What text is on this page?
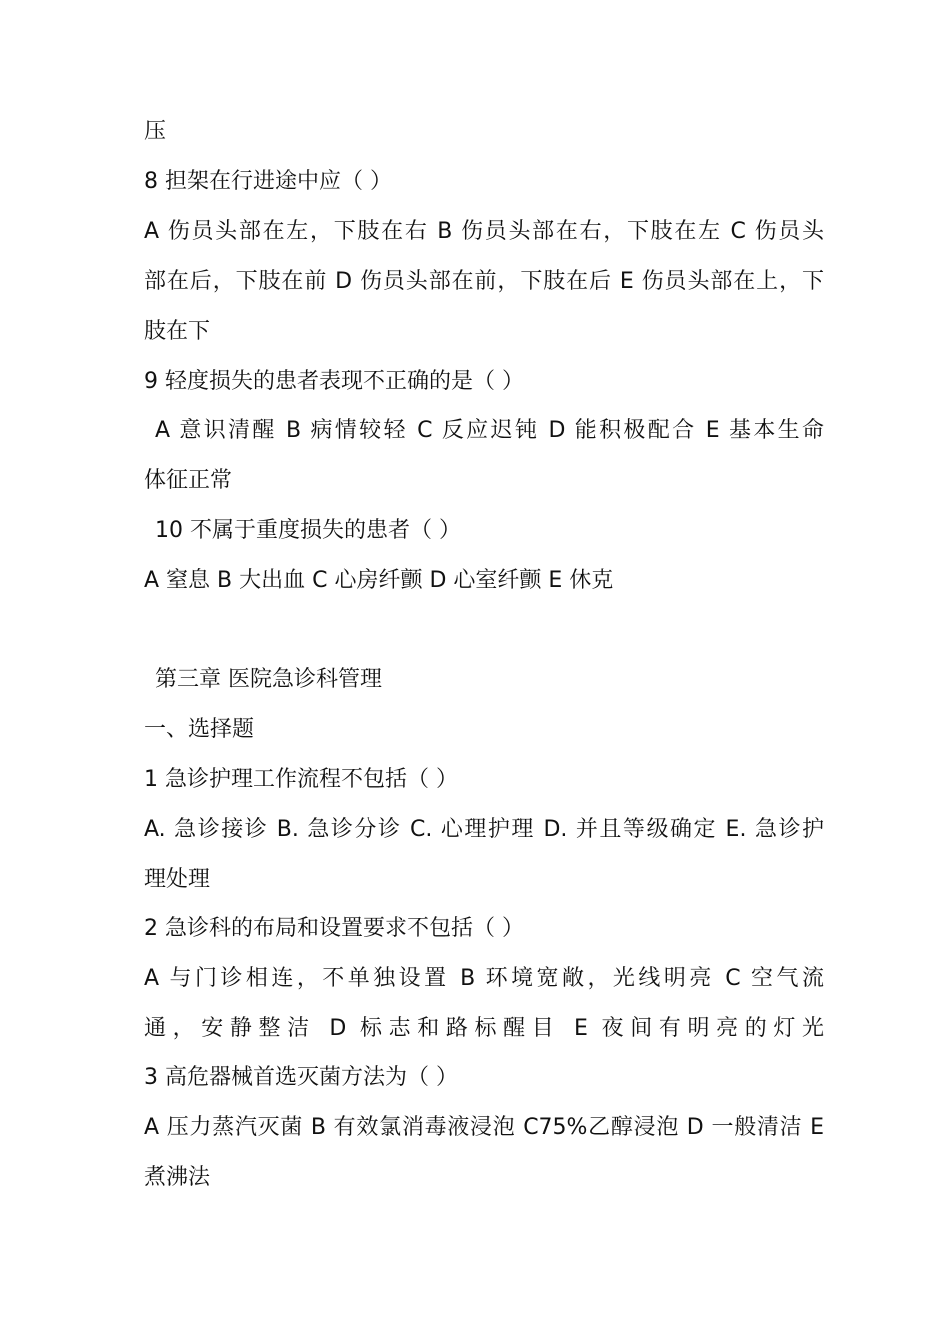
压
8 担架在行进途中应（ ）
A 伤员头部在左，下肢在右 B 伤员头部在右，下肢在左 C 伤员头
部在后，下肢在前 D 伤员头部在前，下肢在后 E 伤员头部在上，下
肢在下
9 轻度损失的患者表现不正确的是（ ）
A 意识清醒 B 病情较轻 C 反应迟钝 D 能积极配合 E 基本生命
体征正常
10 不属于重度损失的患者（ ）
A 窒息 B 大出血 C 心房纤颤 D 心室纤颤 E 休克
第三章 医院急诊科管理
一、选择题
1 急诊护理工作流程不包括（ ）
A. 急诊接诊 B. 急诊分诊 C. 心理护理 D. 并且等级确定 E. 急诊护
理处理
2 急诊科的布局和设置要求不包括（ ）
A 与门诊相连，不单独设置 B 环境宽敞，光线明亮 C 空气流
通，安静整洁 D 标志和路标醒目 E 夜间有明亮的灯光
3 高危器械首选灭菌方法为（ ）
A 压力蒸汽灭菌 B 有效氯消毒液浸泡 C75%乙醇浸泡 D 一般清洁 E
煮沸法
